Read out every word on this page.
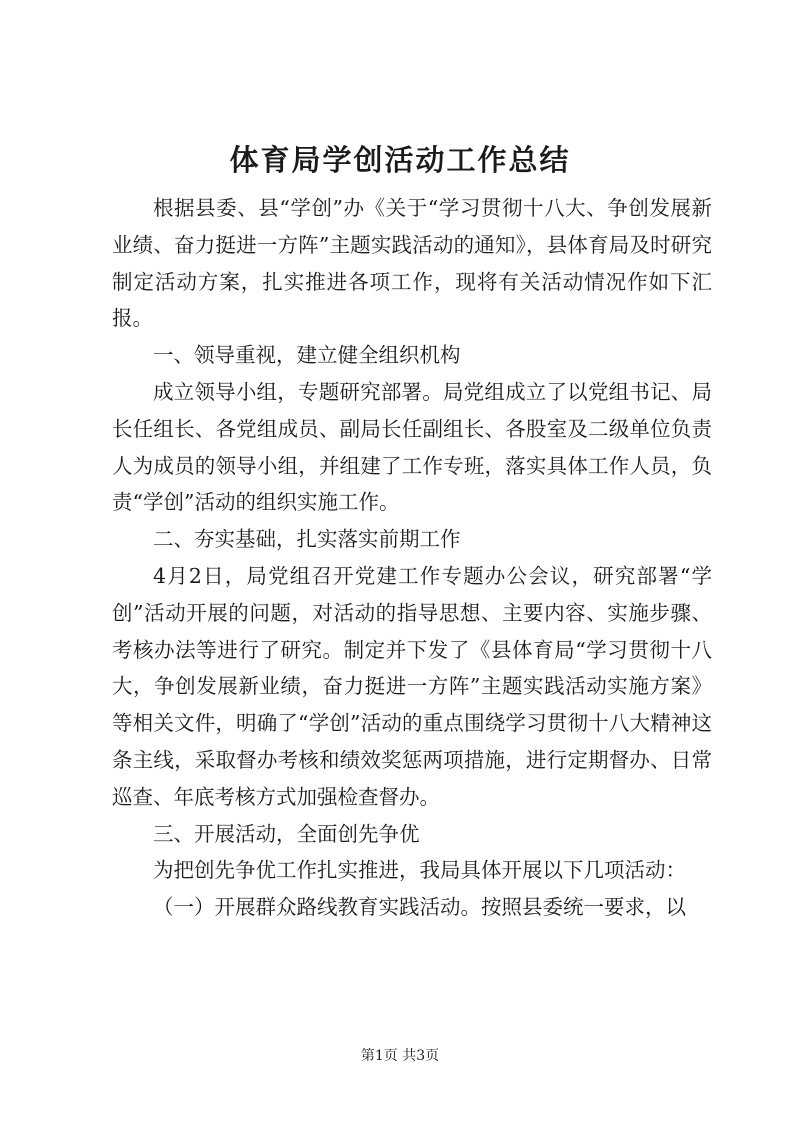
体育局学创活动工作总结

根据县委、县“学创”办《关于“学习贯彻十八大、争创发展新业绩、奋力挺进一方阵”主题实践活动的通知》，县体育局及时研究制定活动方案，扎实推进各项工作，现将有关活动情况作如下汇报。

一、领导重视，建立健全组织机构

成立领导小组，专题研究部署。局党组成立了以党组书记、局长任组长、各党组成员、副局长任副组长、各股室及二级单位负责人为成员的领导小组，并组建了工作专班，落实具体工作人员，负责“学创”活动的组织实施工作。

二、夯实基础，扎实落实前期工作

4月2日，局党组召开党建工作专题办公会议，研究部署“学创”活动开展的问题，对活动的指导思想、主要内容、实施步骤、考核办法等进行了研究。制定并下发了《县体育局“学习贯彻十八大，争创发展新业绩，奋力挺进一方阵”主题实践活动实施方案》等相关文件，明确了“学创”活动的重点围绕学习贯彻十八大精神这条主线，采取督办考核和绩效奖惩两项措施，进行定期督办、日常巡查、年底考核方式加强检查督办。

三、开展活动，全面创先争优

为把创先争优工作扎实推进，我局具体开展以下几项活动：

（一）开展群众路线教育实践活动。按照县委统一要求，以

第1页 共3页
